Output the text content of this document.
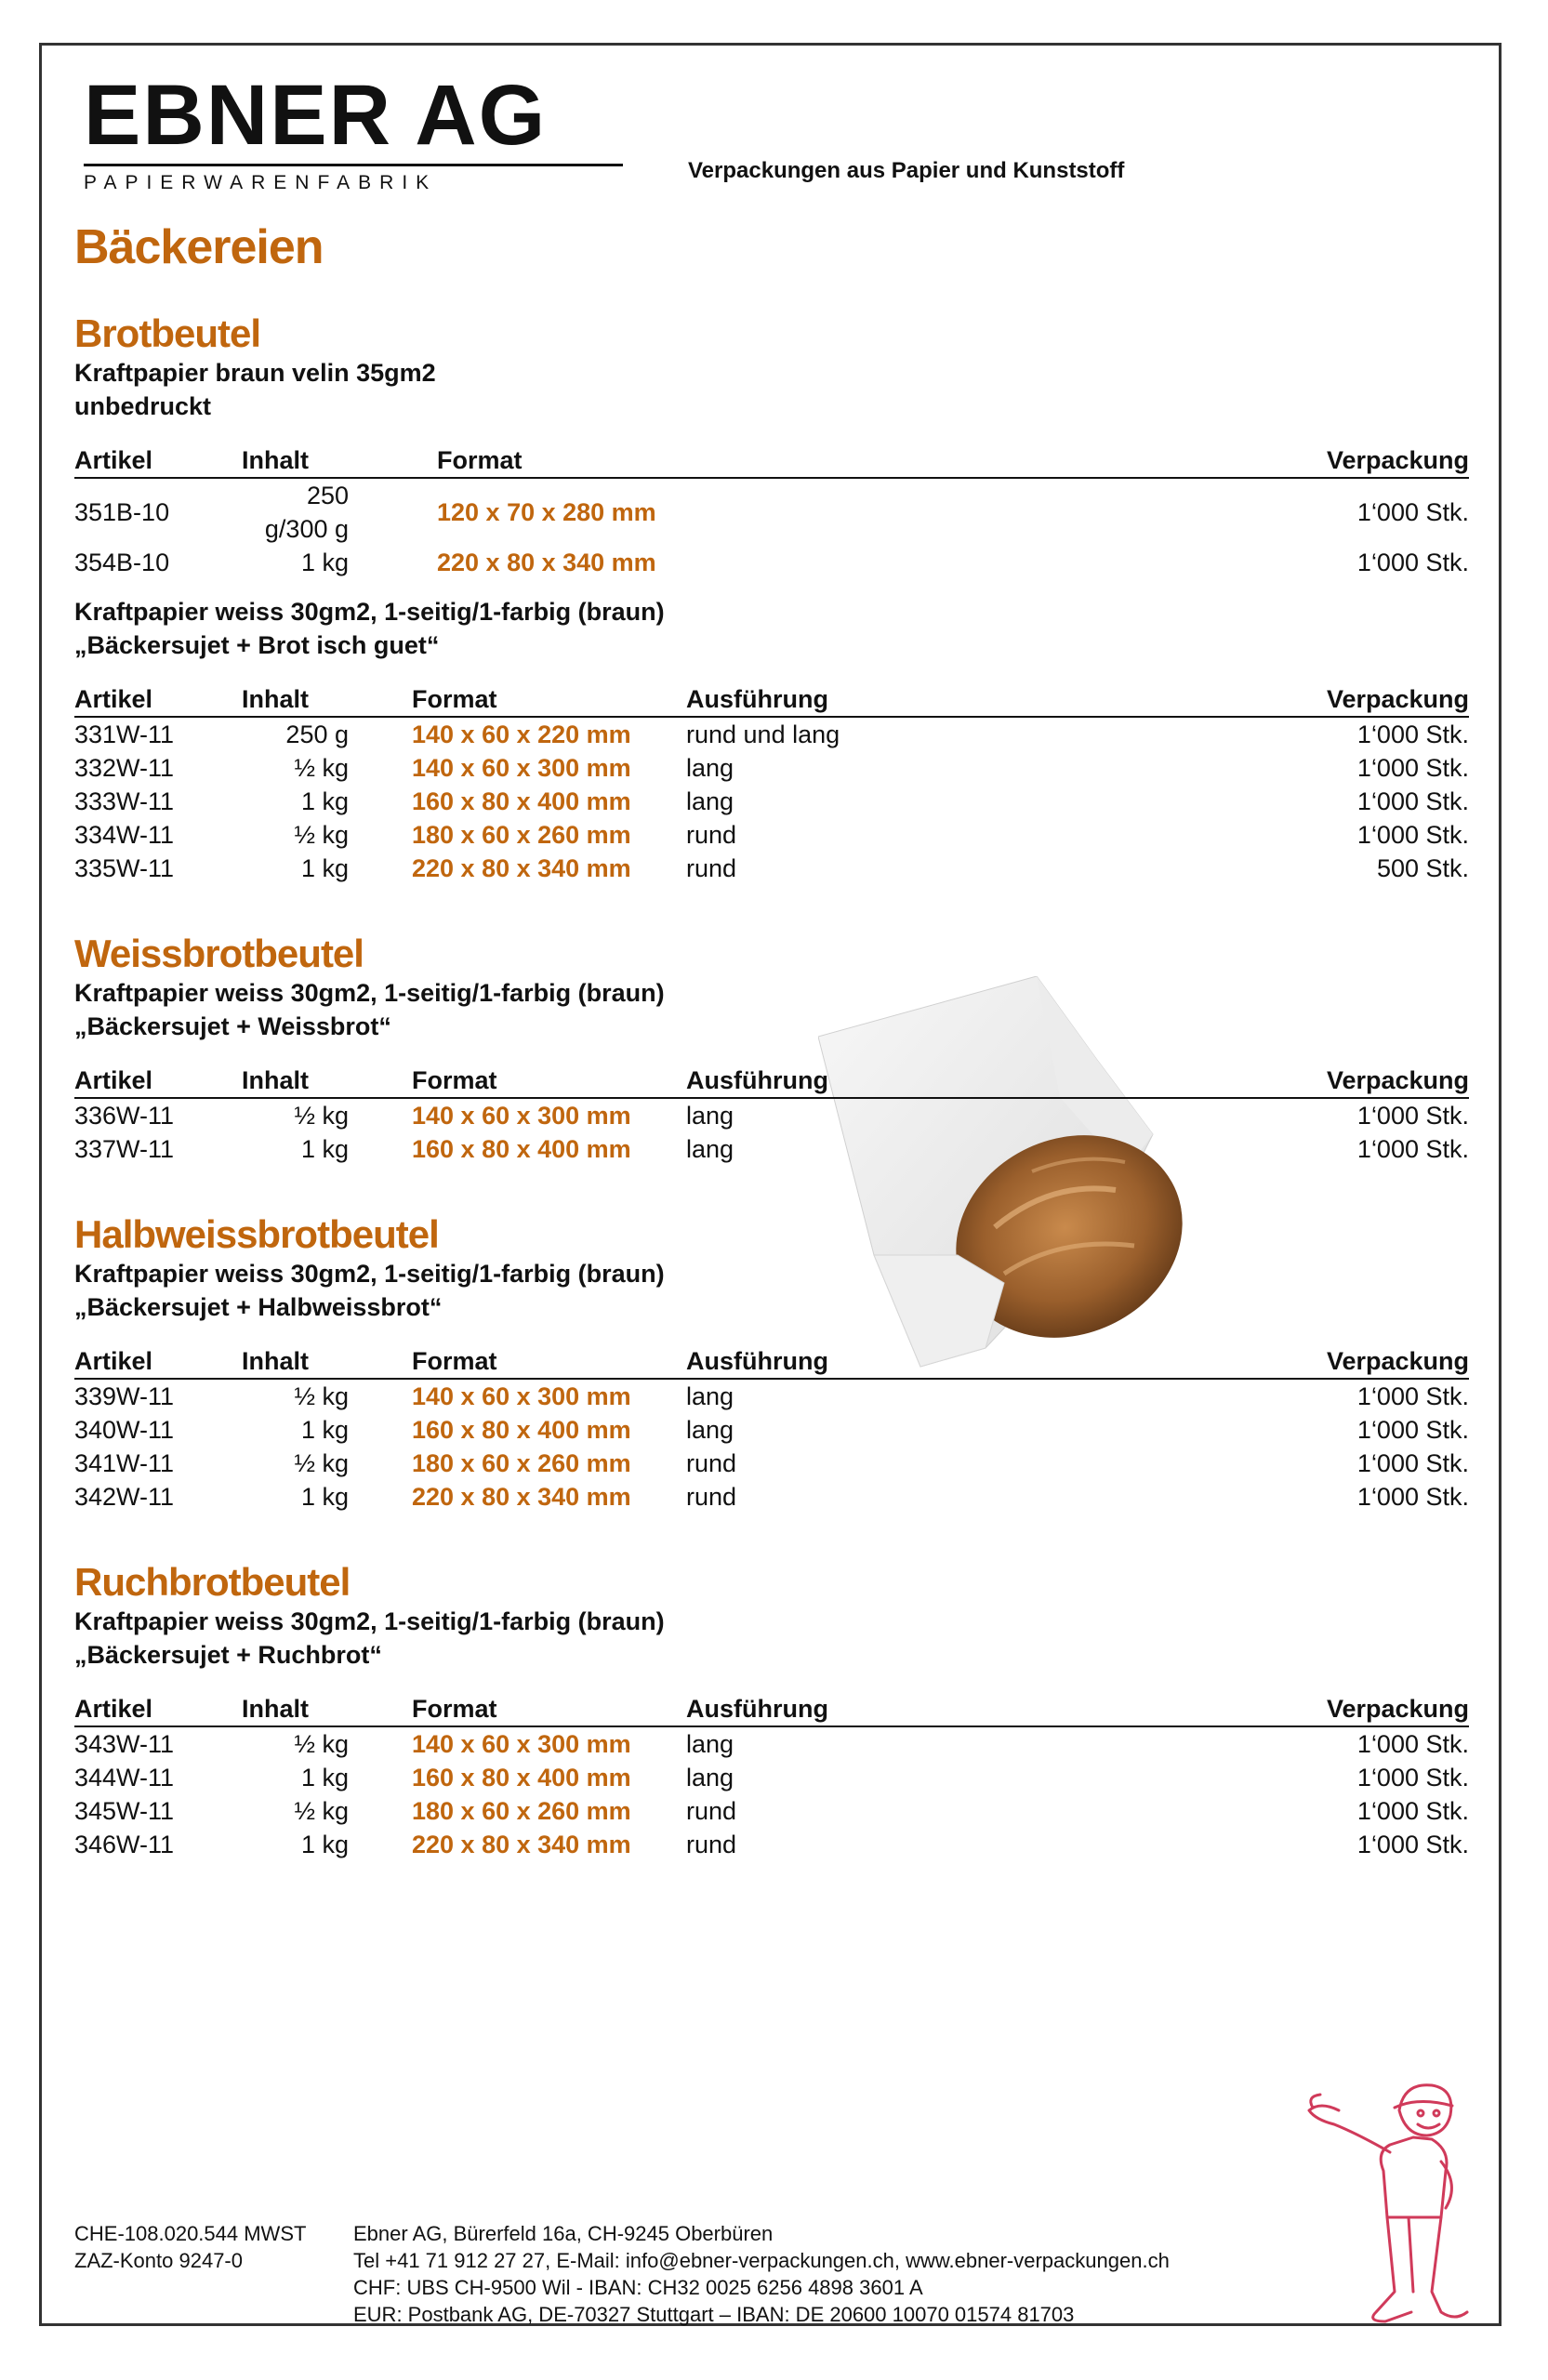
EBNER AG
PAPIERWARENFABRIK	Verpackungen aus Papier und Kunststoff
Bäckereien
Brotbeutel
Kraftpapier braun velin 35gm2
unbedruckt
Artikel	Inhalt	Format		Verpackung
351B-10	250 g/300 g	120 x 70 x 280 mm		1‘000 Stk.
354B-10	1 kg	220 x 80 x 340 mm		1‘000 Stk.
Kraftpapier weiss 30gm2, 1-seitig/1-farbig (braun)
„Bäckersujet + Brot isch guet“
Artikel	Inhalt	Format	Ausführung	Verpackung
331W-11	250 g	140 x 60 x 220 mm	rund und lang	1‘000 Stk.
332W-11	½ kg	140 x 60 x 300 mm	lang	1‘000 Stk.
333W-11	1 kg	160 x 80 x 400 mm	lang	1‘000 Stk.
334W-11	½ kg	180 x 60 x 260 mm	rund	1‘000 Stk.
335W-11	1 kg	220 x 80 x 340 mm	rund	500 Stk.
Weissbrotbeutel
Kraftpapier weiss 30gm2, 1-seitig/1-farbig (braun)
„Bäckersujet + Weissbrot“
Artikel	Inhalt	Format	Ausführung	Verpackung
336W-11	½ kg	140 x 60 x 300 mm	lang	1‘000 Stk.
337W-11	1 kg	160 x 80 x 400 mm	lang	1‘000 Stk.
Halbweissbrotbeutel
Kraftpapier weiss 30gm2, 1-seitig/1-farbig (braun)
„Bäckersujet + Halbweissbrot“
Artikel	Inhalt	Format	Ausführung	Verpackung
339W-11	½ kg	140 x 60 x 300 mm	lang	1‘000 Stk.
340W-11	1 kg	160 x 80 x 400 mm	lang	1‘000 Stk.
341W-11	½ kg	180 x 60 x 260 mm	rund	1‘000 Stk.
342W-11	1 kg	220 x 80 x 340 mm	rund	1‘000 Stk.
Ruchbrotbeutel
Kraftpapier weiss 30gm2, 1-seitig/1-farbig (braun)
„Bäckersujet + Ruchbrot“
Artikel	Inhalt	Format	Ausführung	Verpackung
343W-11	½ kg	140 x 60 x 300 mm	lang	1‘000 Stk.
344W-11	1 kg	160 x 80 x 400 mm	lang	1‘000 Stk.
345W-11	½ kg	180 x 60 x 260 mm	rund	1‘000 Stk.
346W-11	1 kg	220 x 80 x 340 mm	rund	1‘000 Stk.
CHE-108.020.544 MWST
ZAZ-Konto 9247-0
Ebner AG, Bürerfeld 16a, CH-9245 Oberbüren
Tel +41 71 912 27 27, E-Mail: info@ebner-verpackungen.ch, www.ebner-verpackungen.ch
CHF: UBS CH-9500 Wil - IBAN: CH32 0025 6256 4898 3601 A
EUR: Postbank AG, DE-70327 Stuttgart – IBAN: DE 20600 10070 01574 81703
